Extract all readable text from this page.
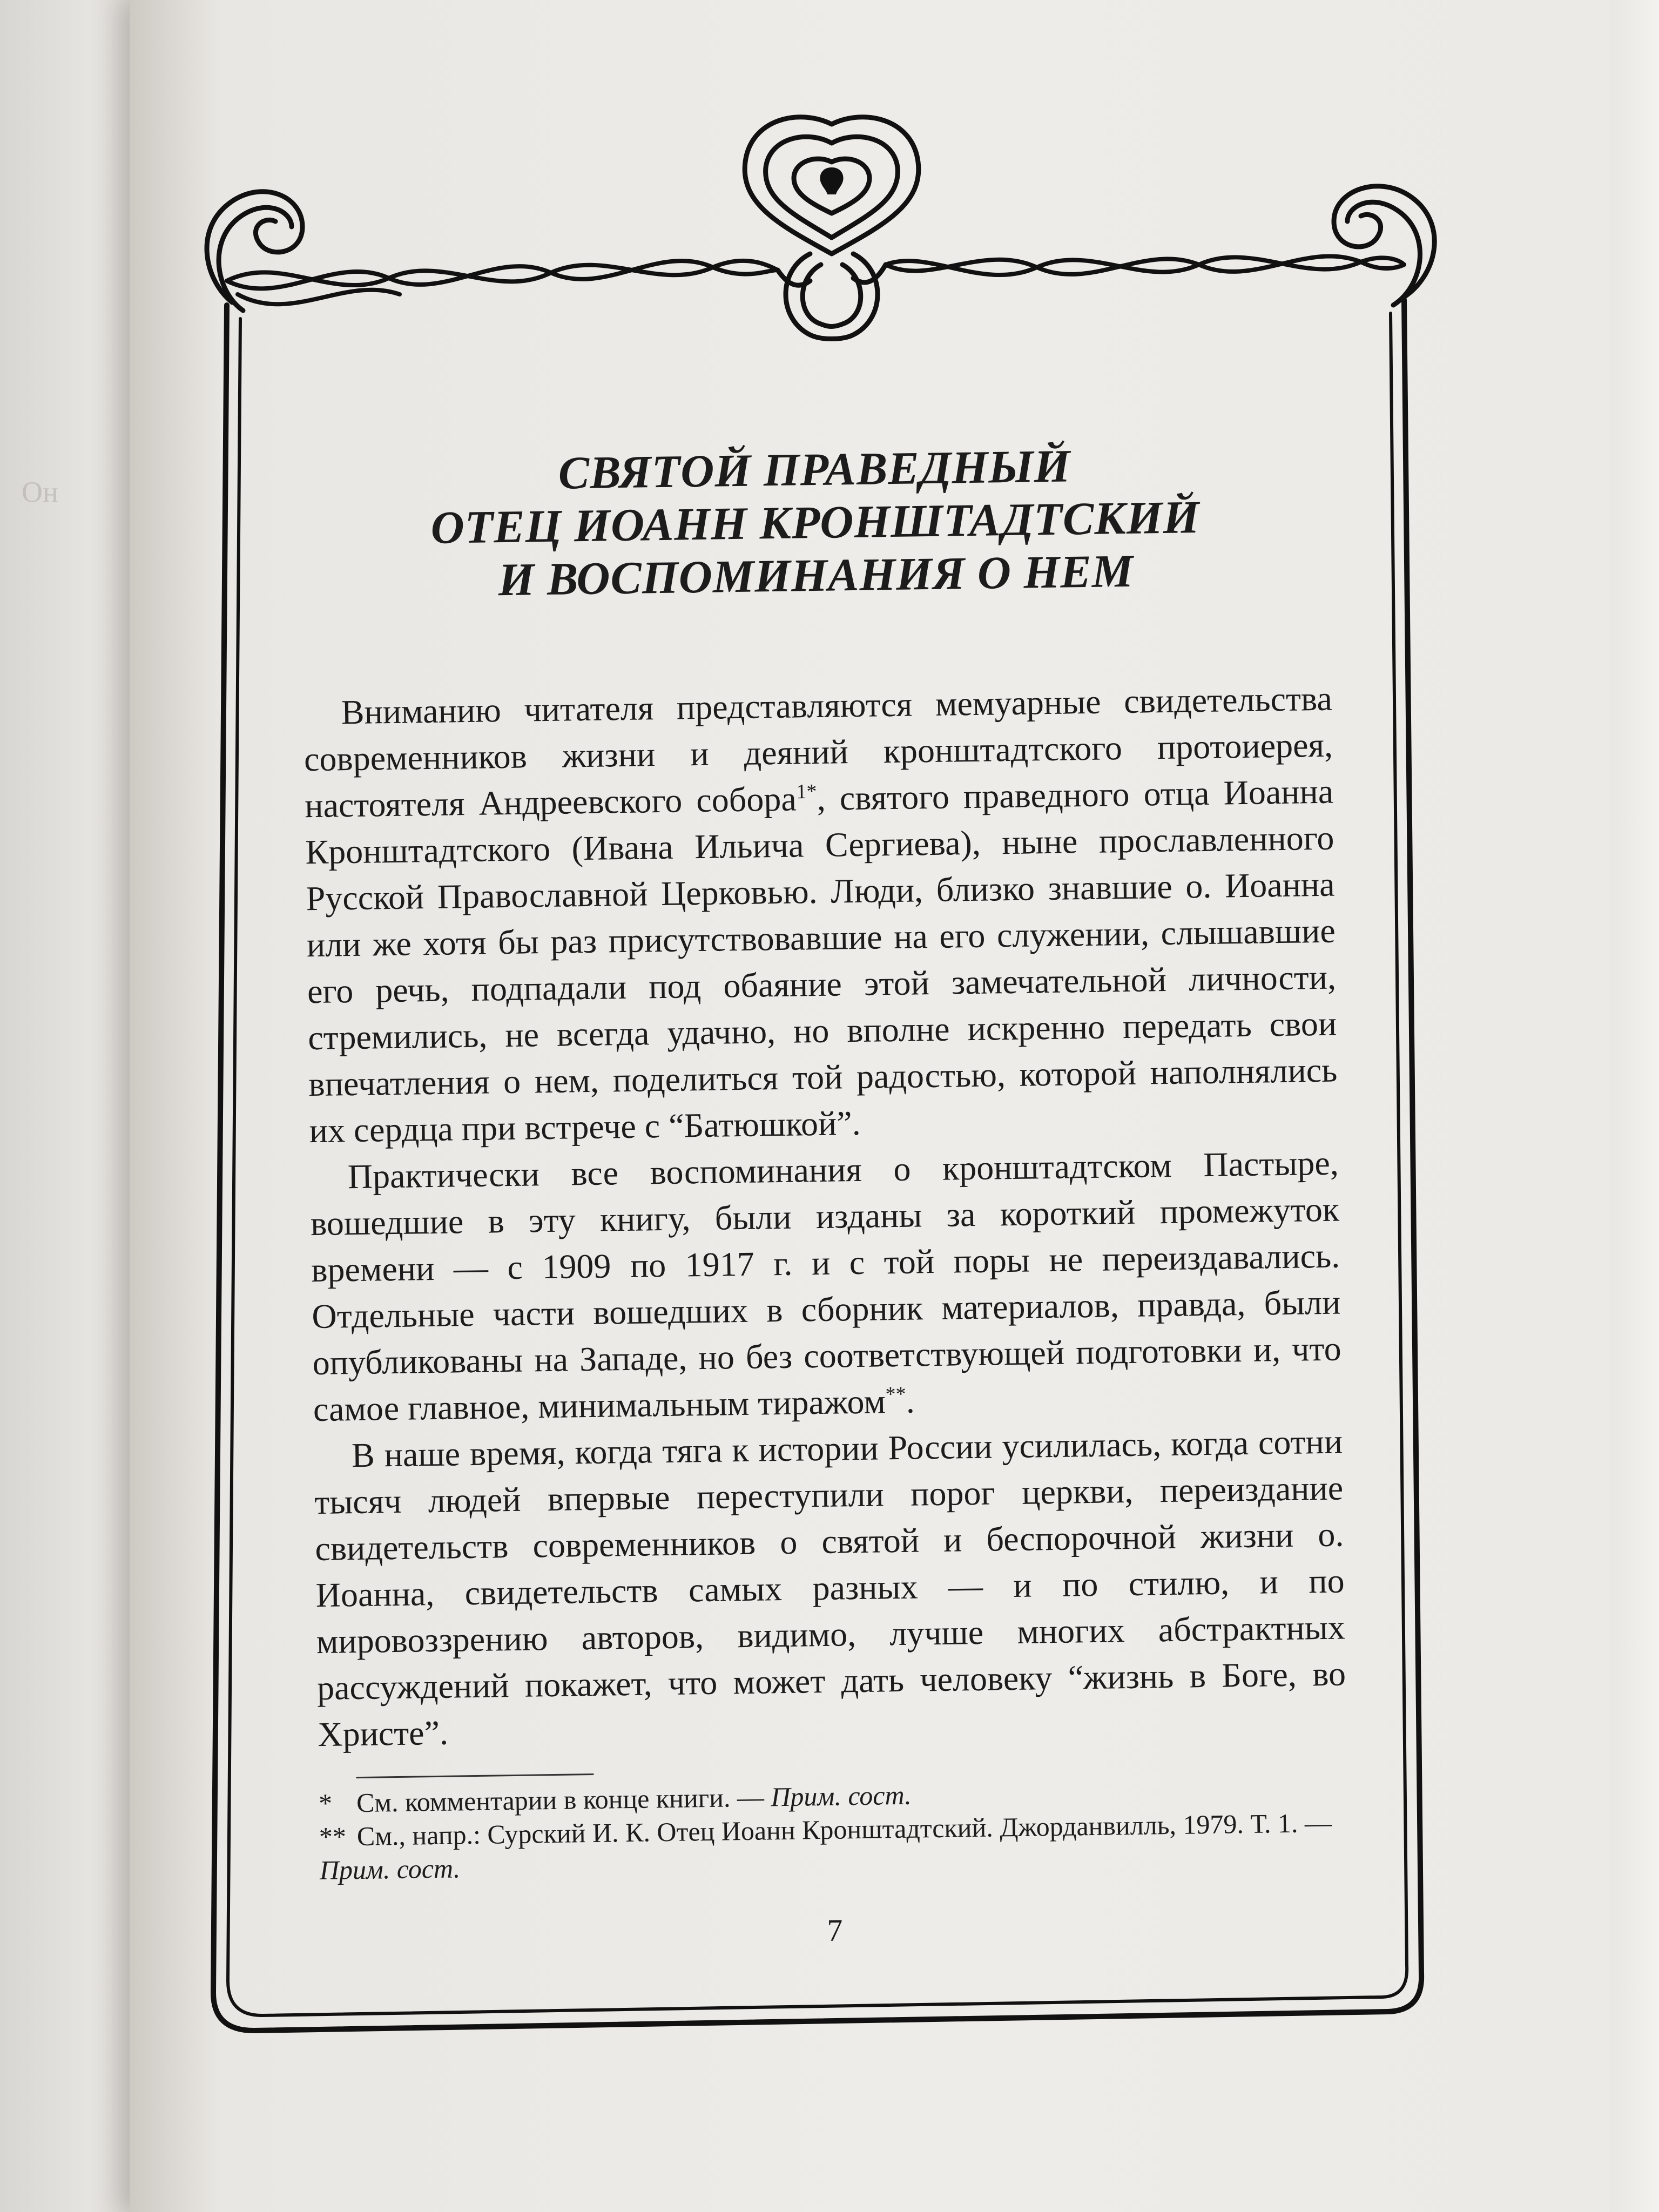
Он	СВЯТОЙ ПРАВЕДНЫЙ
ОТЕЦ ИОАНН КРОНШТАДТСКИЙ
И ВОСПОМИНАНИЯ О НЕМ

Вниманию читателя представляются мемуарные свидетельства современников жизни и деяний кронштадтского протоиерея, настоятеля Андреевского собора$^{1*}$, святого праведного отца Иоанна Кронштадтского (Ивана Ильича Сергиева), ныне прославленного Русской Православной Церковью. Люди, близко знавшие о. Иоанна или же хотя бы раз присутствовавшие на его служении, слышавшие его речь, подпадали под обаяние этой замечательной личности, стремились, не всегда удачно, но вполне искренно передать свои впечатления о нем, поделиться той радостью, которой наполнялись их сердца при встрече с “Батюшкой”.

Практически все воспоминания о кронштадтском Пастыре, вошедшие в эту книгу, были изданы за короткий промежуток времени — с 1909 по 1917 г. и с той поры не переиздавались. Отдельные части вошедших в сборник материалов, правда, были опубликованы на Западе, но без соответствующей подготовки и, что самое главное, минимальным тиражом**.

В наше время, когда тяга к истории России усилилась, когда сотни тысяч людей впервые переступили порог церкви, переиздание свидетельств современников о святой и беспорочной жизни о. Иоанна, свидетельств самых разных — и по стилю, и по мировоззрению авторов, видимо, лучше многих абстрактных рассуждений покажет, что может дать человеку “жизнь в Боге, во Христе”.

* См. комментарии в конце книги. — Прим. сост.

** См., напр.: Сурский И. К. Отец Иоанн Кронштадтский. Джорданвилль, 1979. Т. 1. — Прим. сост.

7
